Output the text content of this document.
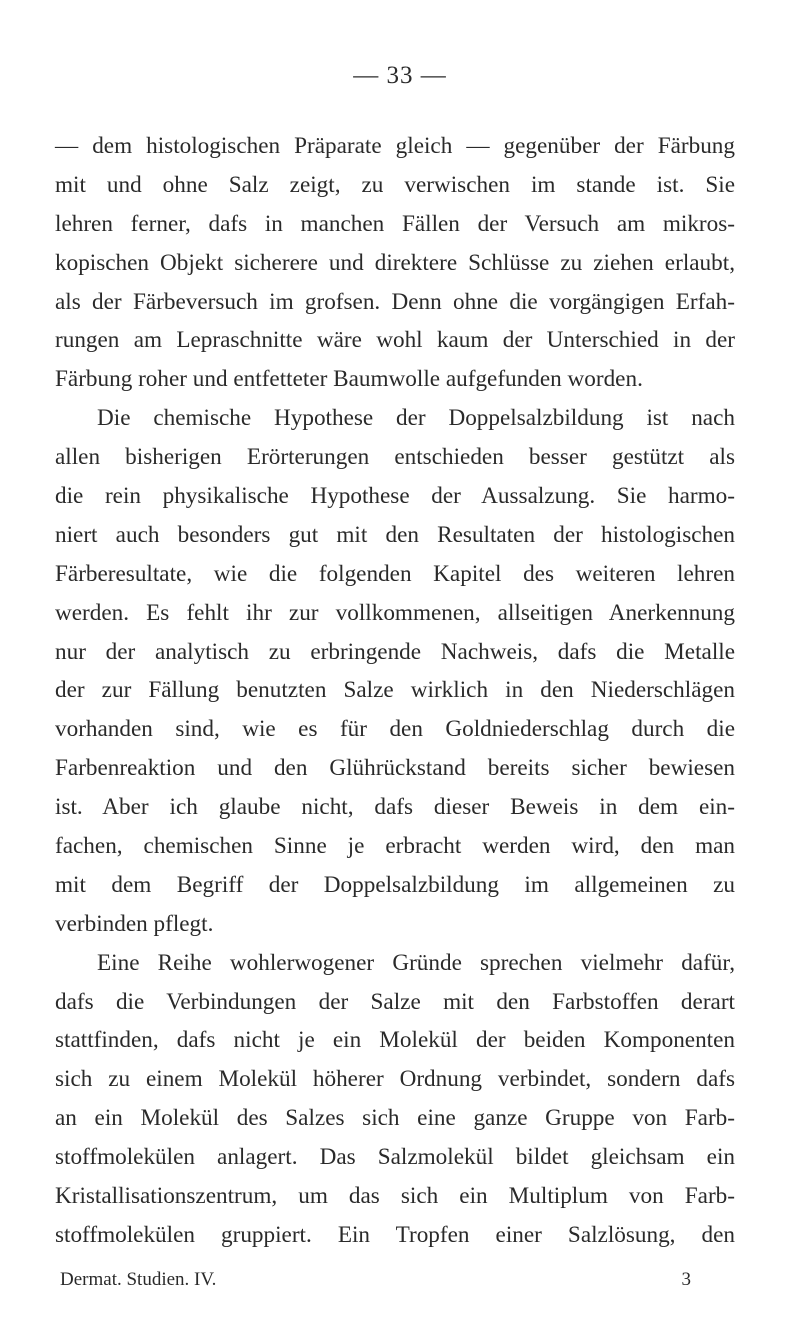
— 33 —
— dem histologischen Präparate gleich — gegenüber der Färbung
mit und ohne Salz zeigt, zu verwischen im stande ist. Sie
lehren ferner, dafs in manchen Fällen der Versuch am mikros-
kopischen Objekt sicherere und direktere Schlüsse zu ziehen erlaubt,
als der Färbeversuch im grofsen. Denn ohne die vorgängigen Erfah-
rungen am Lepraschnitte wäre wohl kaum der Unterschied in der
Färbung roher und entfetteter Baumwolle aufgefunden worden.
Die chemische Hypothese der Doppelsalzbildung ist nach
allen bisherigen Erörterungen entschieden besser gestützt als
die rein physikalische Hypothese der Aussalzung. Sie harmo-
niert auch besonders gut mit den Resultaten der histologischen
Färberesultate, wie die folgenden Kapitel des weiteren lehren
werden. Es fehlt ihr zur vollkommenen, allseitigen Anerkennung
nur der analytisch zu erbringende Nachweis, dafs die Metalle
der zur Fällung benutzten Salze wirklich in den Niederschlägen
vorhanden sind, wie es für den Goldniederschlag durch die
Farbenreaktion und den Glührückstand bereits sicher bewiesen
ist. Aber ich glaube nicht, dafs dieser Beweis in dem ein-
fachen, chemischen Sinne je erbracht werden wird, den man
mit dem Begriff der Doppelsalzbildung im allgemeinen zu
verbinden pflegt.
Eine Reihe wohlerwogener Gründe sprechen vielmehr dafür,
dafs die Verbindungen der Salze mit den Farbstoffen derart
stattfinden, dafs nicht je ein Molekül der beiden Komponenten
sich zu einem Molekül höherer Ordnung verbindet, sondern dafs
an ein Molekül des Salzes sich eine ganze Gruppe von Farb-
stoffmolekülen anlagert. Das Salzmolekül bildet gleichsam ein
Kristallisationszentrum, um das sich ein Multiplum von Farb-
stoffmolekülen gruppiert. Ein Tropfen einer Salzlösung, den
Dermat. Studien. IV.	3
